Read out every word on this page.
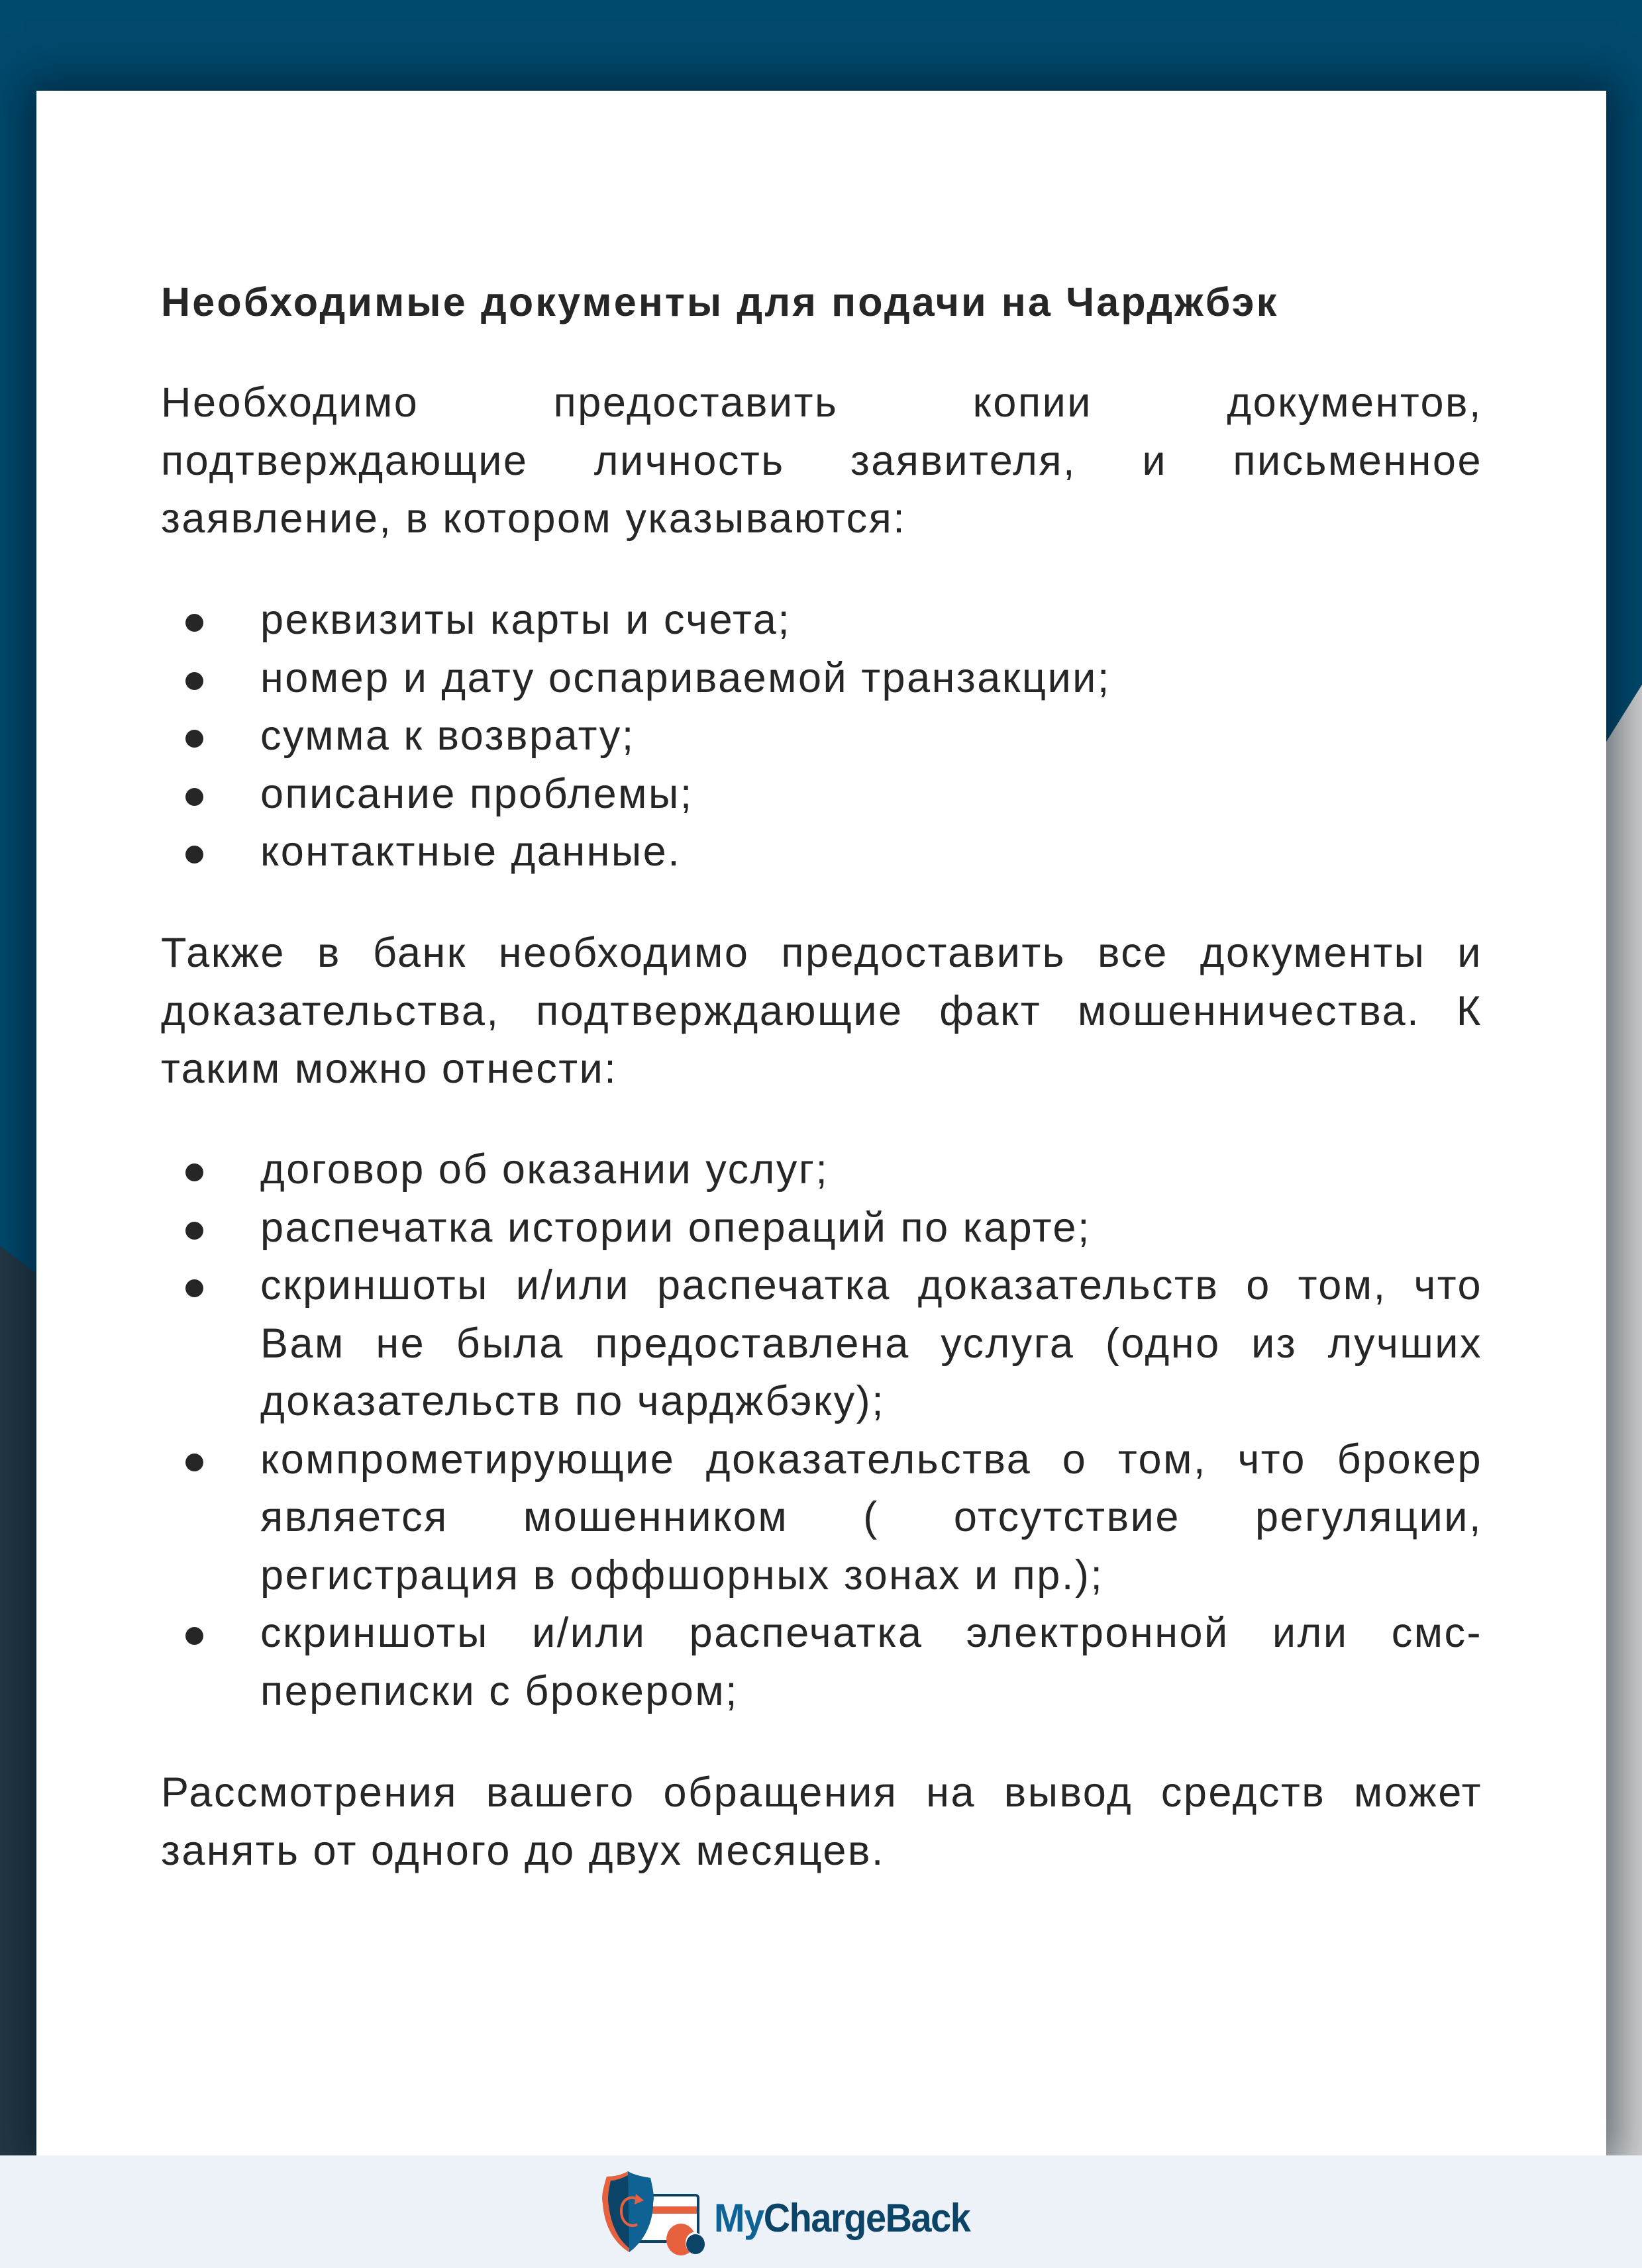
Необходимые документы для подачи на Чарджбэк
Необходимо предоставить копии документов,
подтверждающие личность заявителя, и письменное
заявление, в котором указываются:
реквизиты карты и счета;
номер и дату оспариваемой транзакции;
сумма к возврату;
описание проблемы;
контактные данные.
Также в банк необходимо предоставить все документы и
доказательства, подтверждающие факт мошенничества. К
таким можно отнести:
договор об оказании услуг;
распечатка истории операций по карте;
скриншоты и/или распечатка доказательств о том, что
Вам не была предоставлена услуга (одно из лучших
доказательств по чарджбэку);
компрометирующие доказательства о том, что брокер
является мошенником ( отсутствие регуляции,
регистрация в оффшорных зонах и пр.);
скриншоты и/или распечатка электронной или смс-
переписки с брокером;
Рассмотрения вашего обращения на вывод средств может
занять от одного до двух месяцев.
MyChargeBack
